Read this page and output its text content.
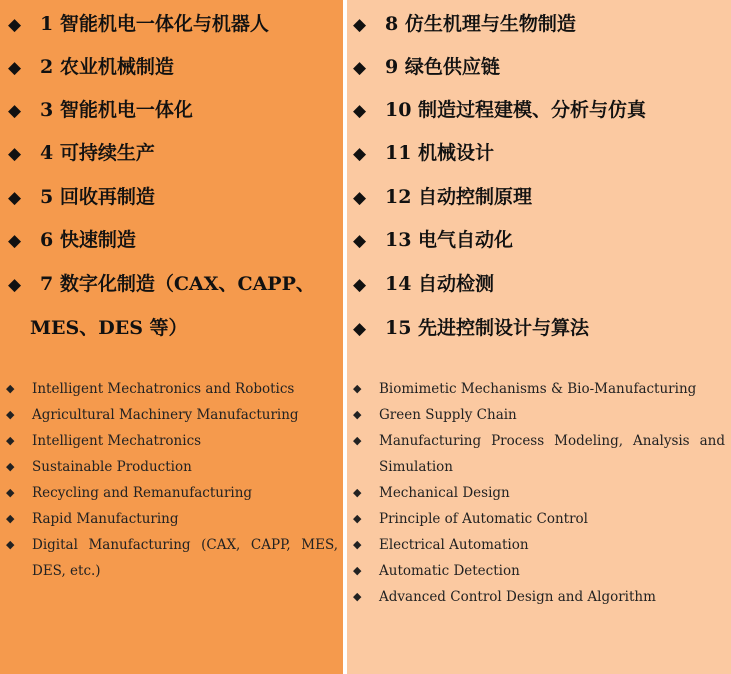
◆ 1 智能机电一体化与机器人
◆ 2 农业机械制造
◆ 3 智能机电一体化
◆ 4 可持续生产
◆ 5 回收再制造
◆ 6 快速制造
◆ 7 数字化制造（CAX、CAPP、
MES、DES 等）
◆ Intelligent Mechatronics and Robotics
◆ Agricultural Machinery Manufacturing
◆ Intelligent Mechatronics
◆ Sustainable Production
◆ Recycling and Remanufacturing
◆ Rapid Manufacturing
◆ Digital Manufacturing (CAX, CAPP, MES, DES, etc.)
◆ 8 仿生机理与生物制造
◆ 9 绿色供应链
◆ 10 制造过程建模、分析与仿真
◆ 11 机械设计
◆ 12 自动控制原理
◆ 13 电气自动化
◆ 14 自动检测
◆ 15 先进控制设计与算法
◆ Biomimetic Mechanisms & Bio-Manufacturing
◆ Green Supply Chain
◆ Manufacturing Process Modeling, Analysis and Simulation
◆ Mechanical Design
◆ Principle of Automatic Control
◆ Electrical Automation
◆ Automatic Detection
◆ Advanced Control Design and Algorithm
